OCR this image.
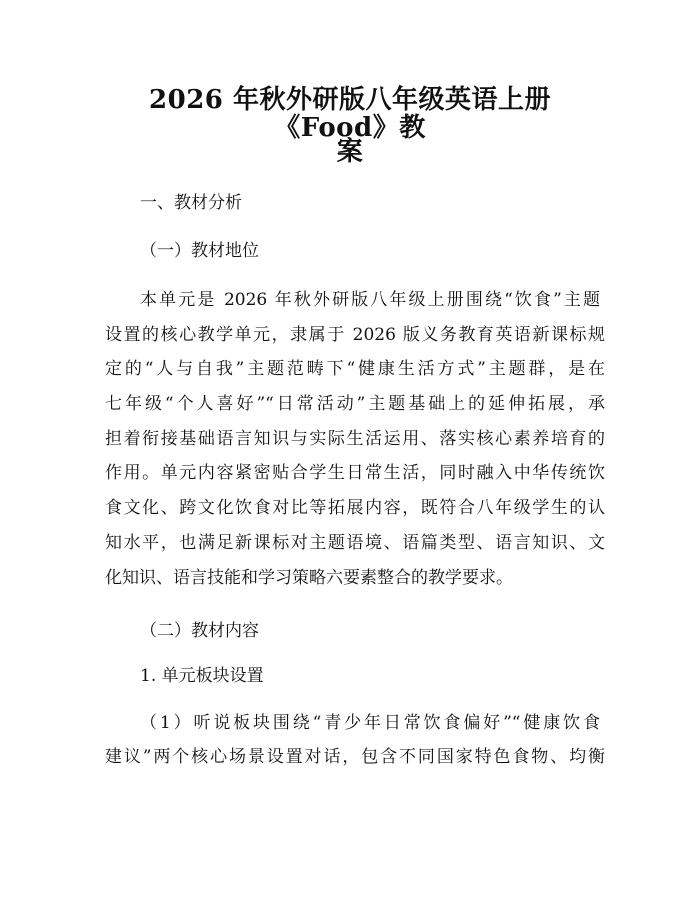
2026 年秋外研版八年级英语上册《Food》教
案
一、教材分析
（一）教材地位
本单元是 2026 年秋外研版八年级上册围绕“饮食”主题
设置的核心教学单元，隶属于 2026 版义务教育英语新课标规
定的“人与自我”主题范畴下“健康生活方式”主题群，是在
七年级“个人喜好”“日常活动”主题基础上的延伸拓展，承
担着衔接基础语言知识与实际生活运用、落实核心素养培育的
作用。单元内容紧密贴合学生日常生活，同时融入中华传统饮
食文化、跨文化饮食对比等拓展内容，既符合八年级学生的认
知水平，也满足新课标对主题语境、语篇类型、语言知识、文
化知识、语言技能和学习策略六要素整合的教学要求。
（二）教材内容
1. 单元板块设置
（1）听说板块围绕“青少年日常饮食偏好”“健康饮食
建议”两个核心场景设置对话，包含不同国家特色食物、均衡
